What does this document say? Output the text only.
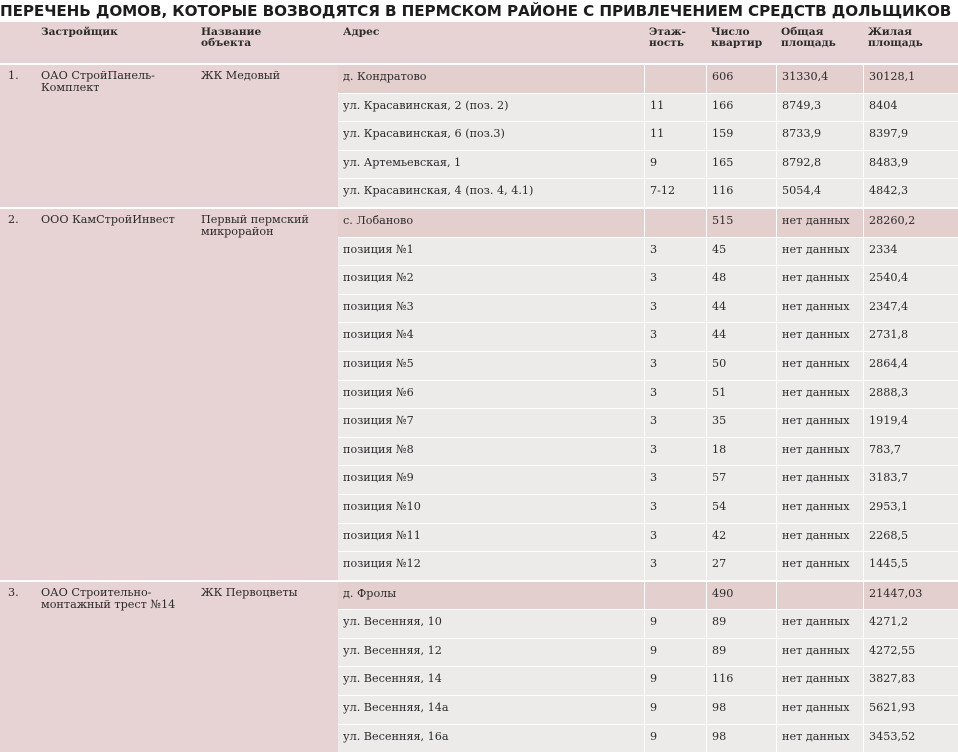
ПЕРЕЧЕНЬ ДОМОВ, КОТОРЫЕ ВОЗВОДЯТСЯ В ПЕРМСКОМ РАЙОНЕ С ПРИВЛЕЧЕНИЕМ СРЕДСТВ ДОЛЬЩИКОВ
	Застройщик	Название объекта	Адрес	Этаж-ность	Число квартир	Общая площадь	Жилая площадь
1.	ОАО СтройПанель-Комплект	ЖК Медовый	д. Кондратово		606	31330,4	30128,1
			ул. Красавинская, 2 (поз. 2)	11	166	8749,3	8404
			ул. Красавинская, 6 (поз.3)	11	159	8733,9	8397,9
			ул. Артемьевская, 1	9	165	8792,8	8483,9
			ул. Красавинская, 4 (поз. 4, 4.1)	7-12	116	5054,4	4842,3
2.	ООО КамСтройИнвест	Первый пермский микрорайон	с. Лобаново		515	нет данных	28260,2
			позиция №1	3	45	нет данных	2334
			позиция №2	3	48	нет данных	2540,4
			позиция №3	3	44	нет данных	2347,4
			позиция №4	3	44	нет данных	2731,8
			позиция №5	3	50	нет данных	2864,4
			позиция №6	3	51	нет данных	2888,3
			позиция №7	3	35	нет данных	1919,4
			позиция №8	3	18	нет данных	783,7
			позиция №9	3	57	нет данных	3183,7
			позиция №10	3	54	нет данных	2953,1
			позиция №11	3	42	нет данных	2268,5
			позиция №12	3	27	нет данных	1445,5
3.	ОАО Строительно-монтажный трест №14	ЖК Первоцветы	д. Фролы		490		21447,03
			ул. Весенняя, 10	9	89	нет данных	4271,2
			ул. Весенняя, 12	9	89	нет данных	4272,55
			ул. Весенняя, 14	9	116	нет данных	3827,83
			ул. Весенняя, 14а	9	98	нет данных	5621,93
			ул. Весенняя, 16а	9	98	нет данных	3453,52
